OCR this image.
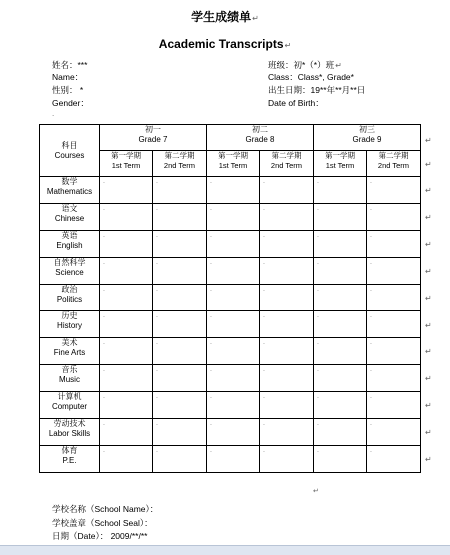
学生成绩单↵
Academic Transcripts↵
姓名：***
Name：
性别： *
Gender：
班级：初*（*）班↵
Class：Class*, Grade*
出生日期：19**年**月**日
Date of Birth：
.
科目
Courses	初一
Grade 7		初二
Grade 8		初三
Grade 9	

	第一学期
1st Term	第二学期
2nd Term	第一学期
1st Term	第二学期
2nd Term	第一学期
1st Term	第二学期
2nd Term

数学
Mathematics	.	.	.	.	.	.

语文
Chinese	.	.	.	.	.	.

英语
English	.	.	.	.	.	.

自然科学
Science	.	.	.	.	.	.

政治
Politics	.	.	.	.	.	.

历史
History	.	.	.	.	.	.

美术
Fine Arts	.	.	.	.	.	.

音乐
Music	.	.	.	.	.	.

计算机
Computer	.	.	.	.	.	.

劳动技术
Labor Skills	.	.	.	.	.	.

体育
P.E.	.	.	.	.	.	.
↵
↵
↵
↵
↵
↵
↵
↵
↵
↵
↵
↵
↵
↵
学校名称（School Name）：
学校盖章（School Seal）：
日期（Date）： 2009/**/**
